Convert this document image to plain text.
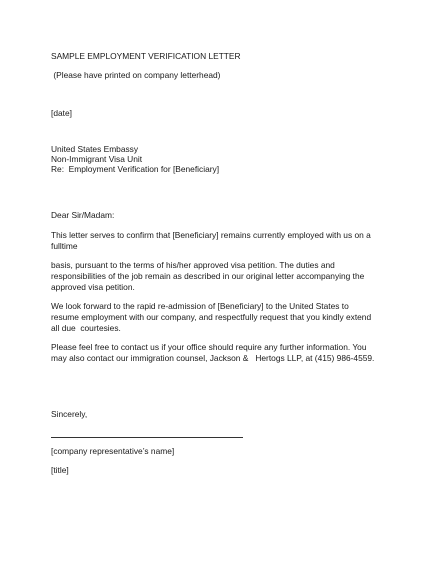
SAMPLE EMPLOYMENT VERIFICATION LETTER
(Please have printed on company letterhead)
[date]
United States Embassy
Non-Immigrant Visa Unit
Re:  Employment Verification for [Beneficiary]
Dear Sir/Madam:
This letter serves to confirm that [Beneficiary] remains currently employed with us on a
fulltime
basis, pursuant to the terms of his/her approved visa petition. The duties and
responsibilities of the job remain as described in our original letter accompanying the
approved visa petition.
We look forward to the rapid re-admission of [Beneficiary] to the United States to
resume employment with our company, and respectfully request that you kindly extend
all due  courtesies.
Please feel free to contact us if your office should require any further information. You
may also contact our immigration counsel, Jackson &   Hertogs LLP, at (415) 986-4559.
Sincerely,
[company representative’s name]
[title]
